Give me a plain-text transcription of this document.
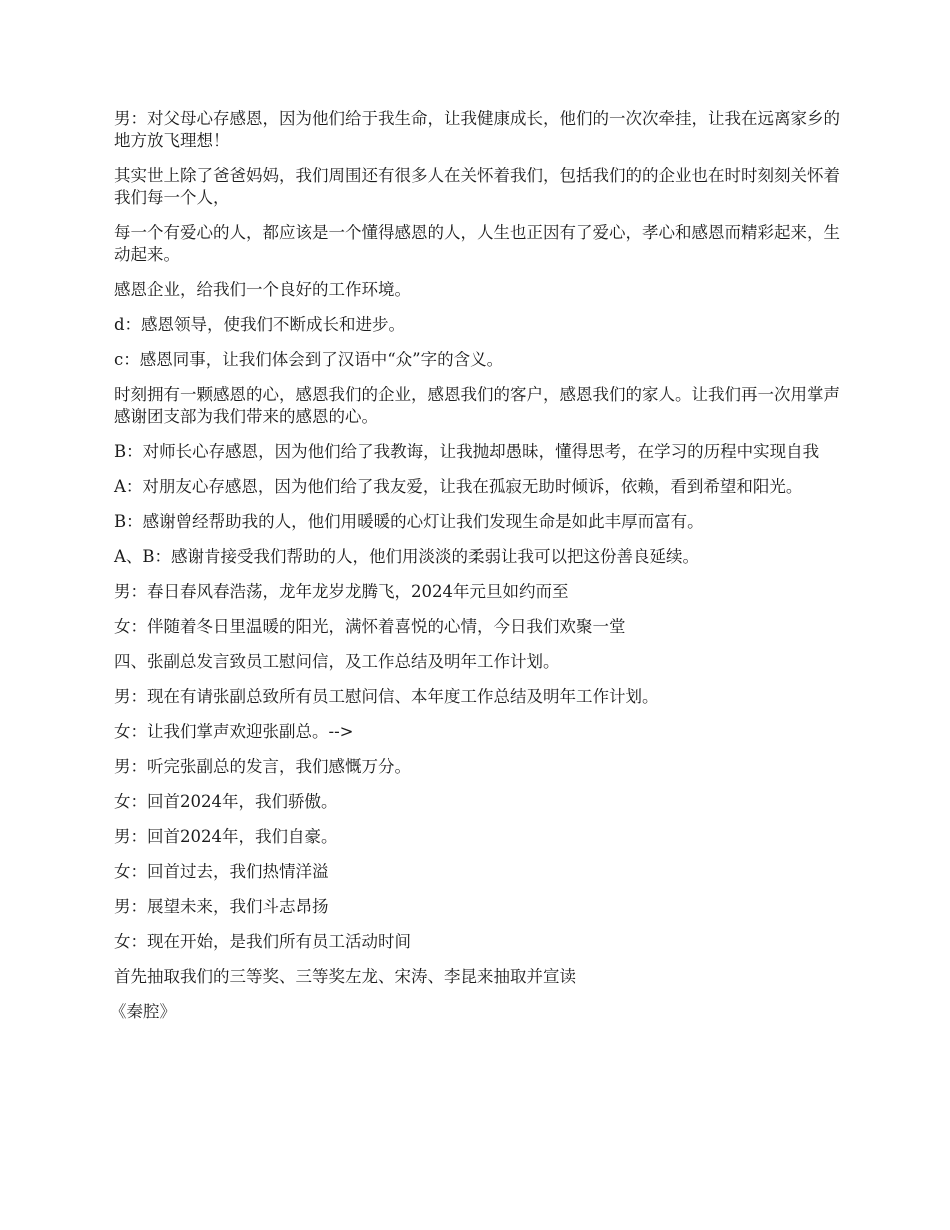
男：对父母心存感恩，因为他们给于我生命，让我健康成长，他们的一次次牵挂，让我在远离家乡的地方放飞理想！

其实世上除了爸爸妈妈，我们周围还有很多人在关怀着我们，包括我们的的企业也在时时刻刻关怀着我们每一个人，

每一个有爱心的人，都应该是一个懂得感恩的人，人生也正因有了爱心，孝心和感恩而精彩起来，生动起来。

感恩企业，给我们一个良好的工作环境。

d：感恩领导，使我们不断成长和进步。

c：感恩同事，让我们体会到了汉语中“众”字的含义。

时刻拥有一颗感恩的心，感恩我们的企业，感恩我们的客户，感恩我们的家人。让我们再一次用掌声感谢团支部为我们带来的感恩的心。

B：对师长心存感恩，因为他们给了我教诲，让我抛却愚昧，懂得思考，在学习的历程中实现自我

A：对朋友心存感恩，因为他们给了我友爱，让我在孤寂无助时倾诉，依赖，看到希望和阳光。

B：感谢曾经帮助我的人，他们用暖暖的心灯让我们发现生命是如此丰厚而富有。

A、B：感谢肯接受我们帮助的人，他们用淡淡的柔弱让我可以把这份善良延续。

男：春日春风春浩荡，龙年龙岁龙腾飞，2024年元旦如约而至

女：伴随着冬日里温暖的阳光，满怀着喜悦的心情，今日我们欢聚一堂

四、张副总发言致员工慰问信，及工作总结及明年工作计划。

男：现在有请张副总致所有员工慰问信、本年度工作总结及明年工作计划。

女：让我们掌声欢迎张副总。-->

男：听完张副总的发言，我们感慨万分。

女：回首2024年，我们骄傲。

男：回首2024年，我们自豪。

女：回首过去，我们热情洋溢

男：展望未来，我们斗志昂扬

女：现在开始，是我们所有员工活动时间

首先抽取我们的三等奖、三等奖左龙、宋涛、李昆来抽取并宣读

《秦腔》
